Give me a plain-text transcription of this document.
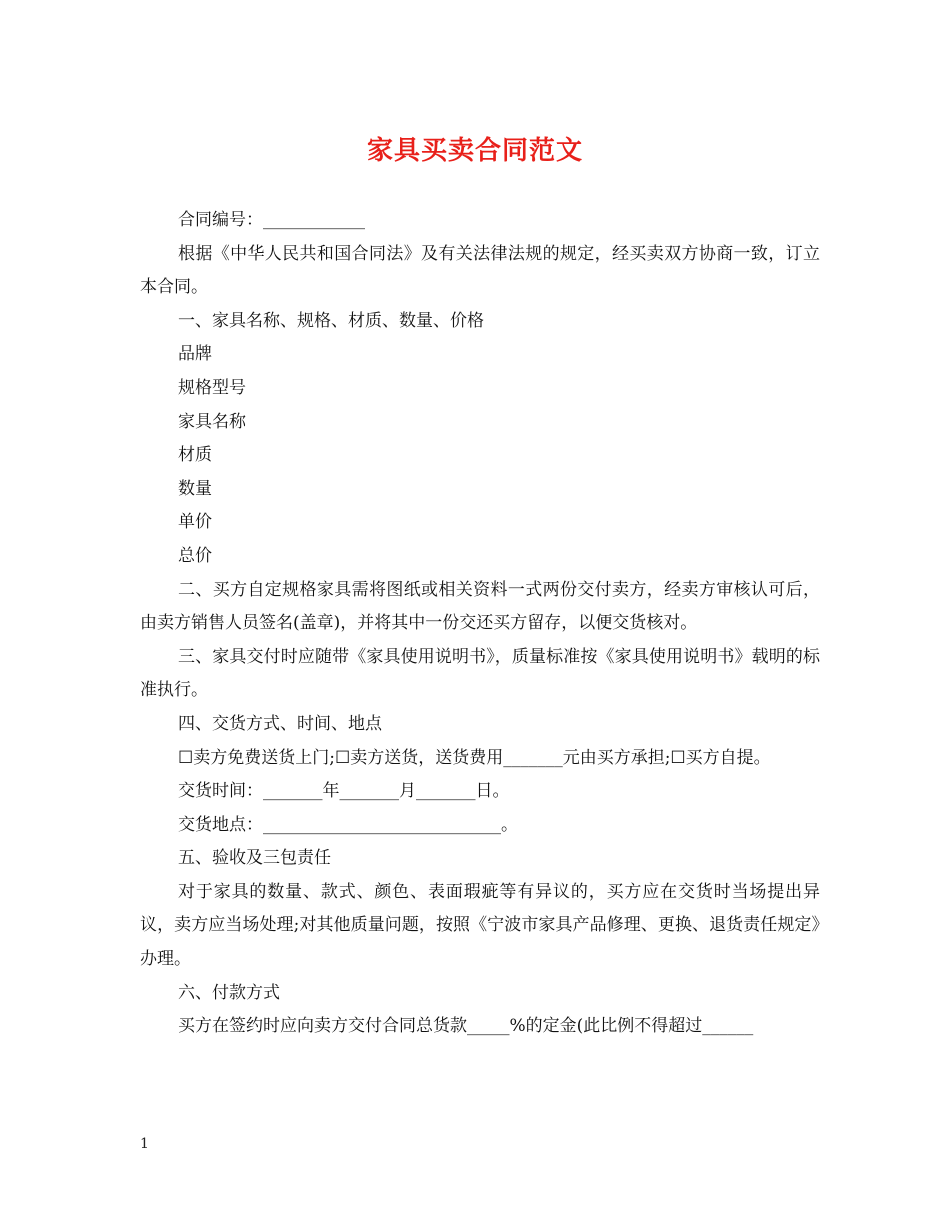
家具买卖合同范文

合同编号：____________

根据《中华人民共和国合同法》及有关法律法规的规定，经买卖双方协商一致，订立本合同。

一、家具名称、规格、材质、数量、价格

品牌

规格型号

家具名称

材质

数量

单价

总价

二、买方自定规格家具需将图纸或相关资料一式两份交付卖方，经卖方审核认可后，由卖方销售人员签名(盖章)，并将其中一份交还买方留存，以便交货核对。

三、家具交付时应随带《家具使用说明书》，质量标准按《家具使用说明书》载明的标准执行。

四、交货方式、时间、地点

☐卖方免费送货上门;☐卖方送货，送货费用_______元由买方承担;☐买方自提。

交货时间：_______年_______月_______日。

交货地点：____________________________。

五、验收及三包责任

对于家具的数量、款式、颜色、表面瑕疵等有异议的，买方应在交货时当场提出异议，卖方应当场处理;对其他质量问题，按照《宁波市家具产品修理、更换、退货责任规定》办理。

六、付款方式

买方在签约时应向卖方交付合同总货款_____%的定金(此比例不得超过______

1
